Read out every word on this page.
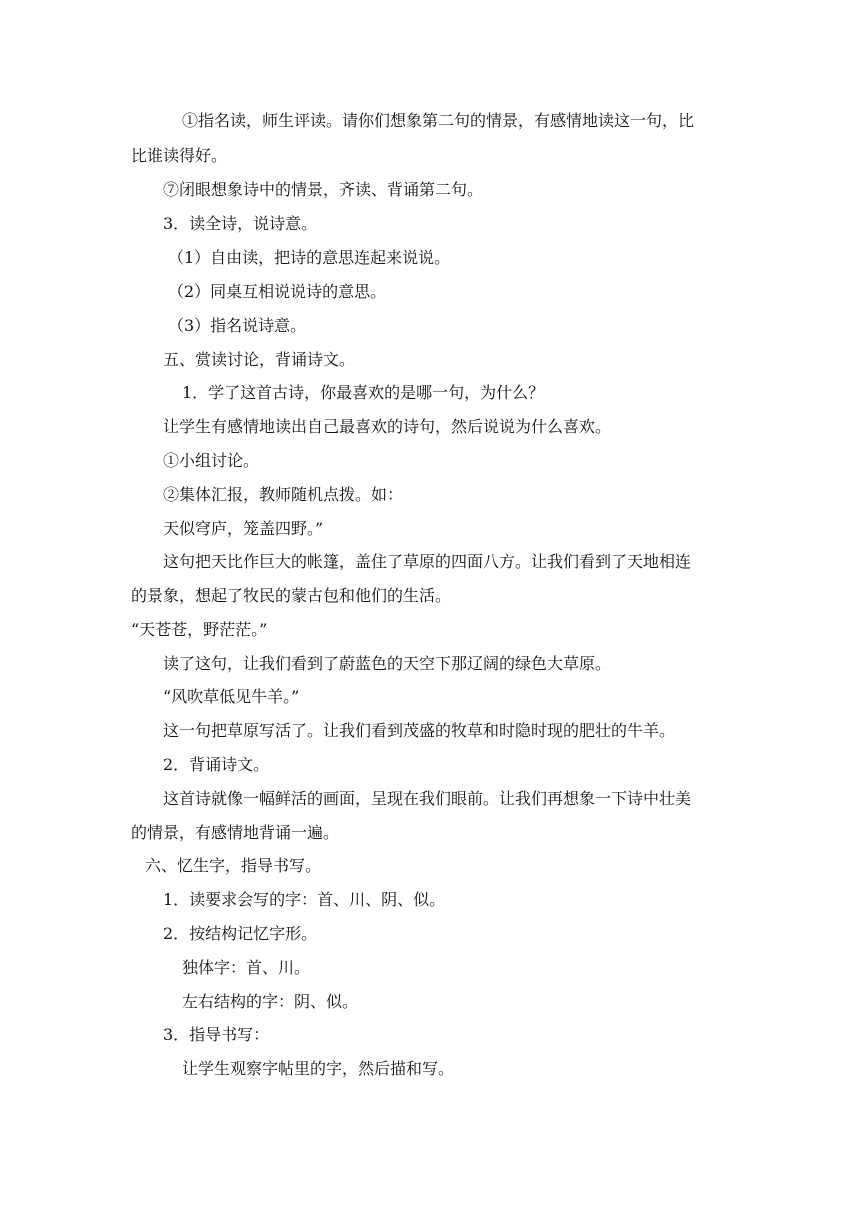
①指名读，师生评读。请你们想象第二句的情景，有感情地读这一句，比

比谁读得好。

⑦闭眼想象诗中的情景，齐读、背诵第二句。

3．读全诗，说诗意。

（1）自由读，把诗的意思连起来说说。

（2）同桌互相说说诗的意思。

（3）指名说诗意。

五、赏读讨论，背诵诗文。

1．学了这首古诗，你最喜欢的是哪一句，为什么？

让学生有感情地读出自己最喜欢的诗句，然后说说为什么喜欢。

①小组讨论。

②集体汇报，教师随机点拨。如：

天似穹庐，笼盖四野。”

这句把天比作巨大的帐篷，盖住了草原的四面八方。让我们看到了天地相连

的景象，想起了牧民的蒙古包和他们的生活。

“天苍苍，野茫茫。”

读了这句，让我们看到了蔚蓝色的天空下那辽阔的绿色大草原。

“风吹草低见牛羊。”

这一句把草原写活了。让我们看到茂盛的牧草和时隐时现的肥壮的牛羊。

2．背诵诗文。

这首诗就像一幅鲜活的画面，呈现在我们眼前。让我们再想象一下诗中壮美

的情景，有感情地背诵一遍。

六、忆生字，指导书写。

1．读要求会写的字：首、川、阴、似。

2．按结构记忆字形。

独体字：首、川。

左右结构的字：阴、似。

3．指导书写：

让学生观察字帖里的字，然后描和写。
